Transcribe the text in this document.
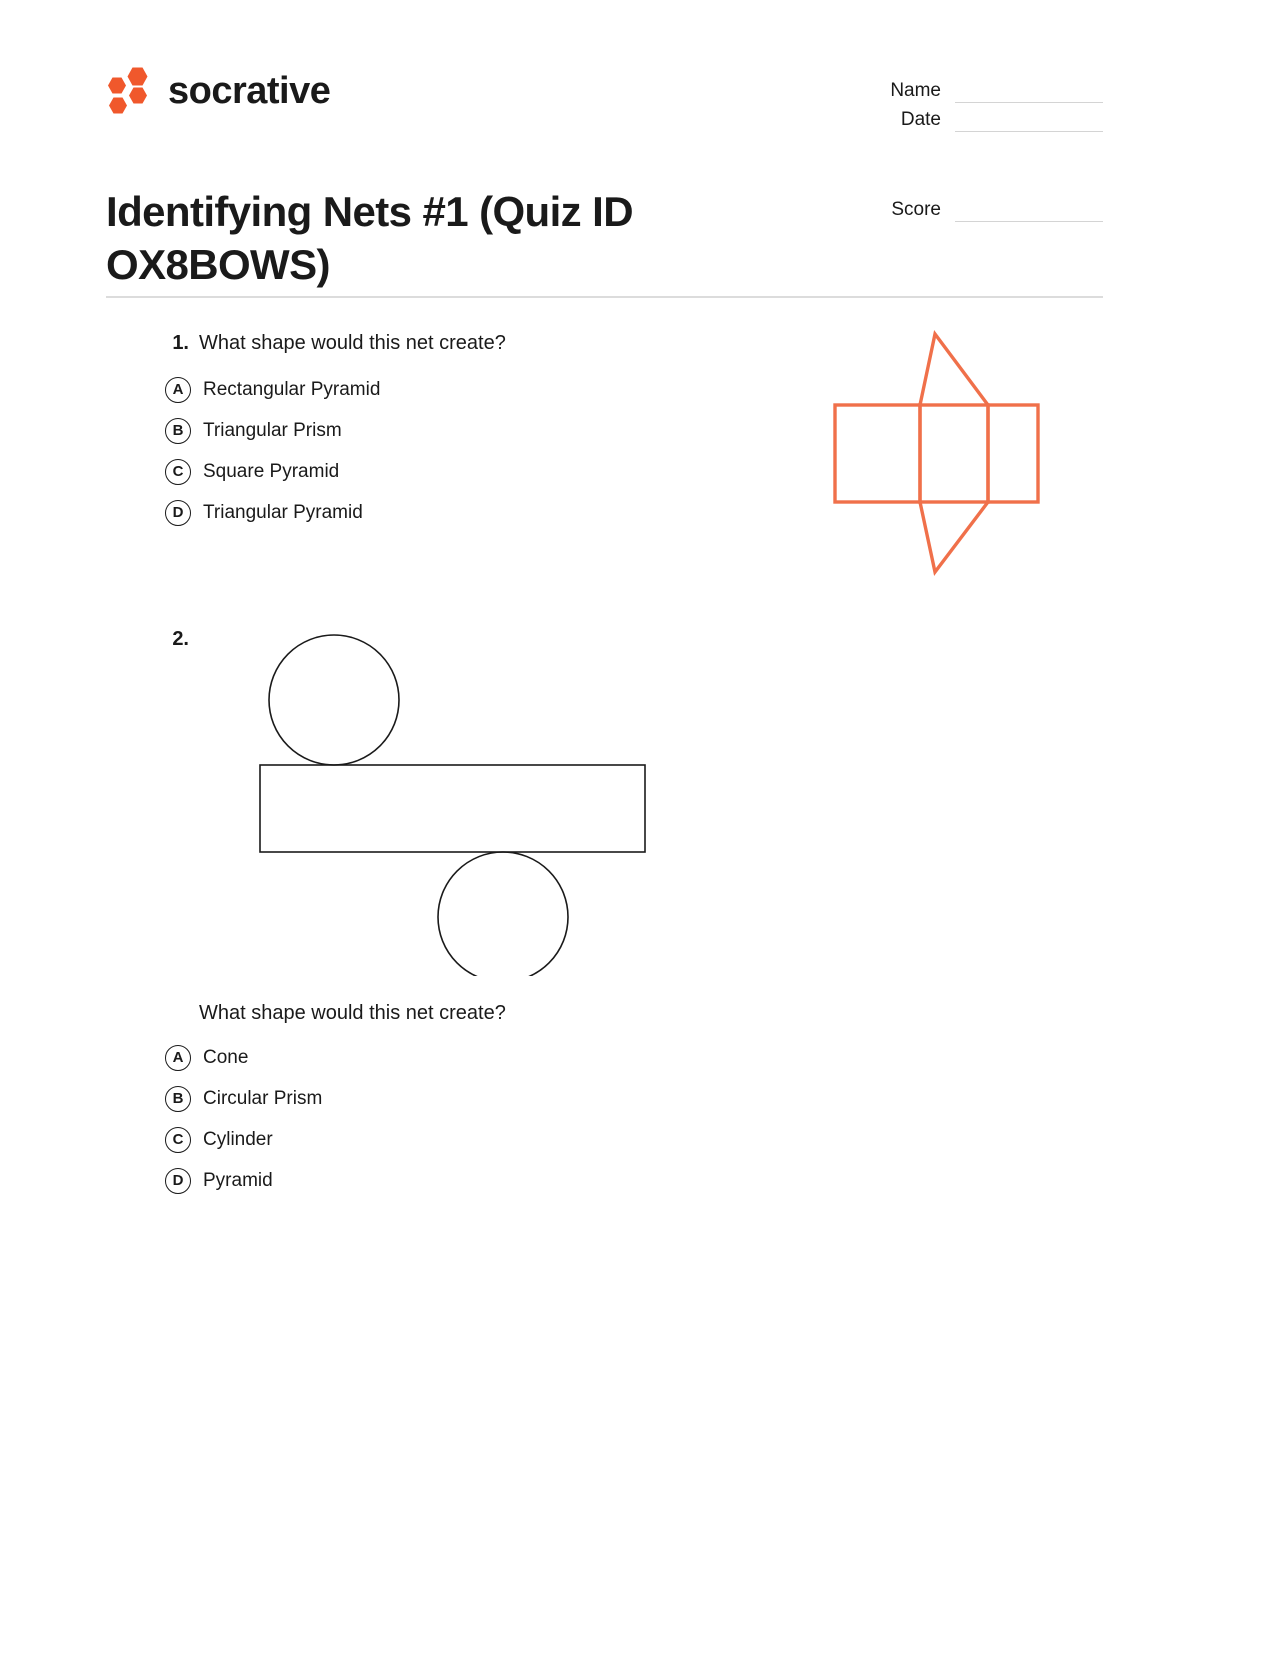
socrative	Name
Date
Score
Identifying Nets #1 (Quiz ID OX8BOWS)
1. What shape would this net create?
A	Rectangular Pyramid
B	Triangular Prism
C	Square Pyramid
D	Triangular Pyramid
2.
What shape would this net create?
A	Cone
B	Circular Prism
C	Cylinder
D	Pyramid
